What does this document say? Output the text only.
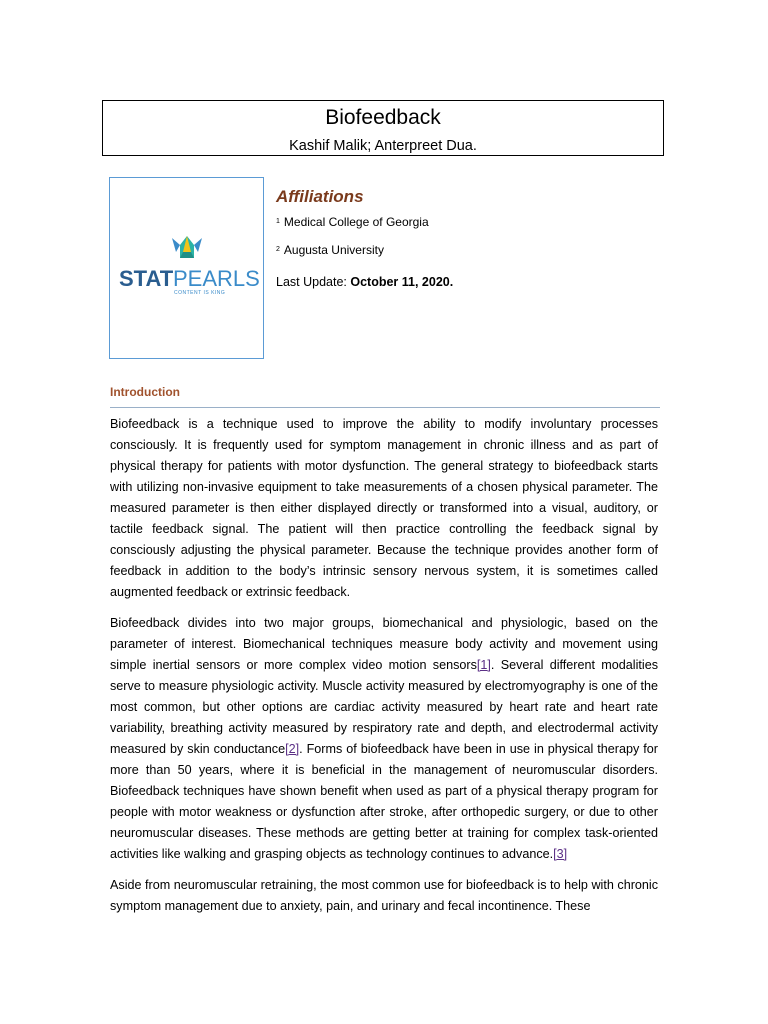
Biofeedback
Kashif Malik; Anterpreet Dua.
STAT PEARLS
CONTENT IS KING
Affiliations
$^1$ Medical College of Georgia
$^2$ Augusta University
Last Update: October 11, 2020.
Introduction

Biofeedback is a technique used to improve the ability to modify involuntary processes consciously. It is frequently used for symptom management in chronic illness and as part of physical therapy for patients with motor dysfunction. The general strategy to biofeedback starts with utilizing non-invasive equipment to take measurements of a chosen physical parameter. The measured parameter is then either displayed directly or transformed into a visual, auditory, or tactile feedback signal. The patient will then practice controlling the feedback signal by consciously adjusting the physical parameter. Because the technique provides another form of feedback in addition to the body’s intrinsic sensory nervous system, it is sometimes called augmented feedback or extrinsic feedback.

Biofeedback divides into two major groups, biomechanical and physiologic, based on the parameter of interest. Biomechanical techniques measure body activity and movement using simple inertial sensors or more complex video motion sensors[1]. Several different modalities serve to measure physiologic activity. Muscle activity measured by electromyography is one of the most common, but other options are cardiac activity measured by heart rate and heart rate variability, breathing activity measured by respiratory rate and depth, and electrodermal activity measured by skin conductance[2]. Forms of biofeedback have been in use in physical therapy for more than 50 years, where it is beneficial in the management of neuromuscular disorders. Biofeedback techniques have shown benefit when used as part of a physical therapy program for people with motor weakness or dysfunction after stroke, after orthopedic surgery, or due to other neuromuscular diseases. These methods are getting better at training for complex task-oriented activities like walking and grasping objects as technology continues to advance.[3]

Aside from neuromuscular retraining, the most common use for biofeedback is to help with chronic symptom management due to anxiety, pain, and urinary and fecal incontinence. These
